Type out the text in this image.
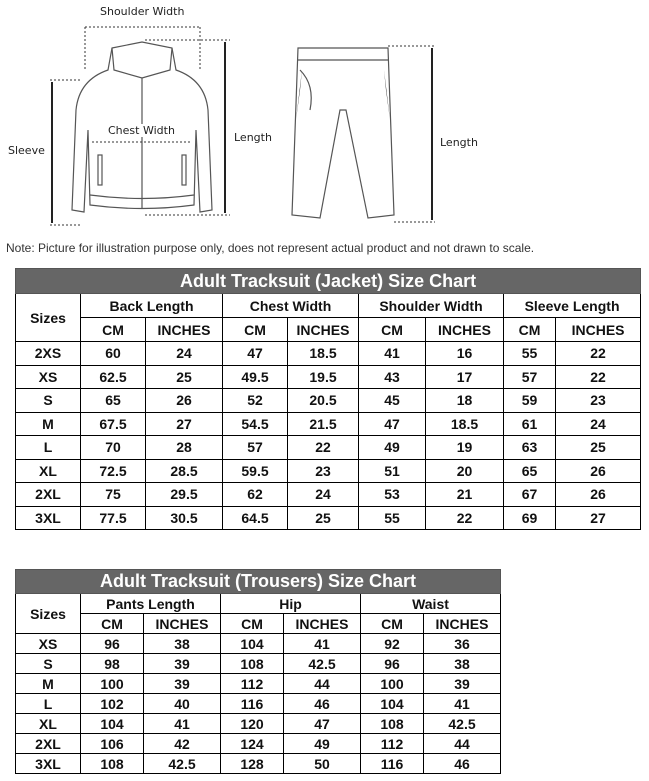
Shoulder Width
Sleeve
Chest Width
Length	Length
Note: Picture for illustration purpose only, does not represent actual product and not drawn to scale.
Adult Tracksuit (Jacket) Size Chart								
Sizes	Back Length		Chest Width		Shoulder Width		Sleeve Length	
	CM	INCHES	CM	INCHES	CM	INCHES	CM	INCHES
2XS	60	24	47	18.5	41	16	55	22
XS	62.5	25	49.5	19.5	43	17	57	22
S	65	26	52	20.5	45	18	59	23
M	67.5	27	54.5	21.5	47	18.5	61	24
L	70	28	57	22	49	19	63	25
XL	72.5	28.5	59.5	23	51	20	65	26
2XL	75	29.5	62	24	53	21	67	26
3XL	77.5	30.5	64.5	25	55	22	69	27
Adult Tracksuit (Trousers) Size Chart						
Sizes	Pants Length		Hip		Waist	
	CM	INCHES	CM	INCHES	CM	INCHES
XS	96	38	104	41	92	36
S	98	39	108	42.5	96	38
M	100	39	112	44	100	39
L	102	40	116	46	104	41
XL	104	41	120	47	108	42.5
2XL	106	42	124	49	112	44
3XL	108	42.5	128	50	116	46
